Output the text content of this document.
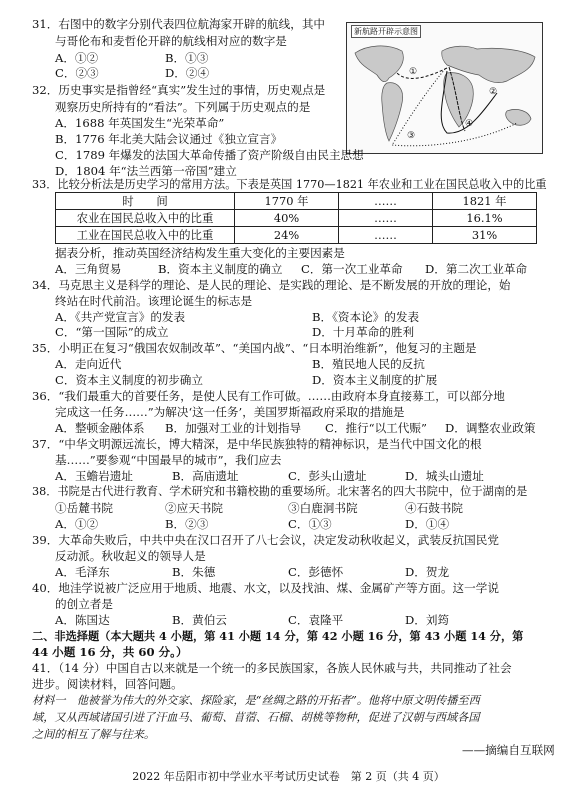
31．右图中的数字分别代表四位航海家开辟的航线，其中
与哥伦布和麦哲伦开辟的航线相对应的数字是
A．①②	B．①③
C．②③	D．②④
新航路开辟示意图
①
②
③
④
32．历史事实是指曾经“真实”发生过的事情，历史观点是
观察历史所持有的“看法”。下列属于历史观点的是
A．1688 年英国发生“光荣革命”
B．1776 年北美大陆会议通过《独立宣言》
C．1789 年爆发的法国大革命传播了资产阶级自由民主思想
D．1804 年“法兰西第一帝国”建立
33．比较分析法是历史学习的常用方法。下表是英国 1770—1821 年农业和工业在国民总收入中的比重
时　　间	1770 年	……	1821 年
农业在国民总收入中的比重	40%	……	16.1%
工业在国民总收入中的比重	24%	……	31%
据表分析，推动英国经济结构发生重大变化的主要因素是
A．三角贸易	B．资本主义制度的确立 C．第一次工业革命 D．第二次工业革命
34．马克思主义是科学的理论、是人民的理论、是实践的理论、是不断发展的开放的理论，始
终站在时代前沿。该理论诞生的标志是
A．《共产党宣言》的发表	B．《资本论》的发表
C．“第一国际”的成立	D．十月革命的胜利
35．小明正在复习“俄国农奴制改革”、“美国内战”、“日本明治维新”，他复习的主题是
A．走向近代	B．殖民地人民的反抗
C．资本主义制度的初步确立	D．资本主义制度的扩展
36．“我们最重大的首要任务，是使人民有工作可做。……由政府本身直接募工，可以部分地
完成这一任务……”为解决‘这一任务’，美国罗斯福政府采取的措施是
A．整顿金融体系 B．加强对工业的计划指导 C．推行“以工代赈” D．调整农业政策
37．“中华文明源远流长，博大精深，是中华民族独特的精神标识，是当代中国文化的根
基……”要参观“中国最早的城市”，我们应去
A．玉蟾岩遗址	B．高庙遗址	C．彭头山遗址	D．城头山遗址
38．书院是古代进行教育、学术研究和书籍校勘的重要场所。北宋著名的四大书院中，位于湖南的是
①岳麓书院	②应天书院	③白鹿洞书院	④石鼓书院
A．①②	B．②③	C．①③	D．①④
39．大革命失败后，中共中央在汉口召开了八七会议，决定发动秋收起义，武装反抗国民党
反动派。秋收起义的领导人是
A．毛泽东	B．朱德	C．彭德怀	D．贺龙
40．地洼学说被广泛应用于地质、地震、水文，以及找油、煤、金属矿产等方面。这一学说
的创立者是
A．陈国达	B．黄伯云	C．袁隆平	D．刘筠
二、非选择题（本大题共 4 小题，第 41 小题 14 分，第 42 小题 16 分，第 43 小题 14 分，第
44 小题 16 分，共 60 分。）
41．（14 分）中国自古以来就是一个统一的多民族国家，各族人民休戚与共，共同推动了社会
进步。阅读材料，回答问题。
材料一　他被誉为伟大的外交家、探险家，是“丝绸之路的开拓者”。他将中原文明传播至西
域，又从西域诸国引进了汗血马、葡萄、苜蓿、石榴、胡桃等物种，促进了汉朝与西域各国
之间的相互了解与往来。
——摘编自互联网
2022 年岳阳市初中学业水平考试历史试卷　第 2 页（共 4 页）
